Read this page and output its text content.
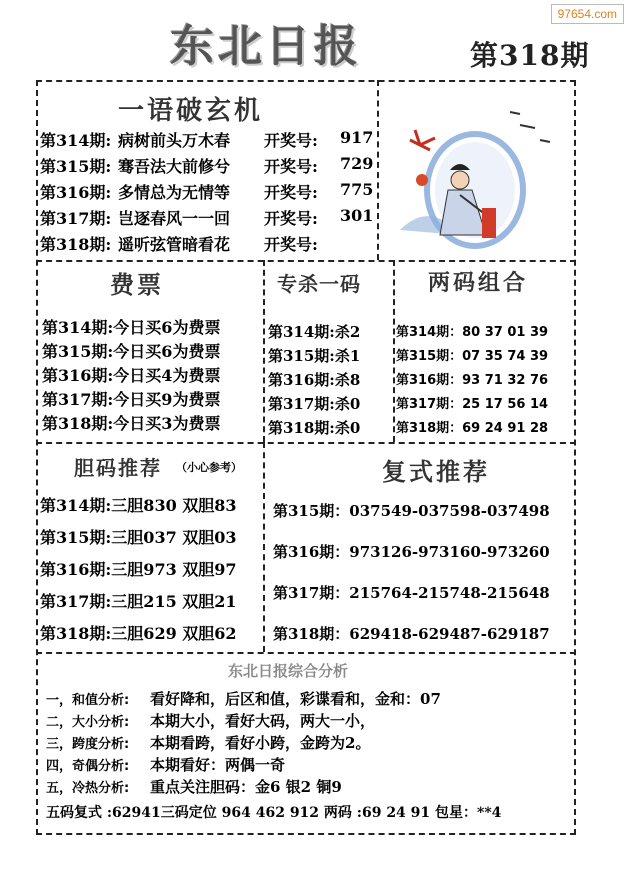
97654.com
东北日报	第318期
一语破玄机
费票	专杀一码	两码组合
胆码推荐 （小心参考）	复式推荐
东北日报综合分析
五码复式 :62941三码定位 964 462 912 两码 :69 24 91 包星：**4
第314期: 病树前头万木春 开奖号: 917
第315期: 骞吾法大前修兮 开奖号: 729
第316期: 多情总为无情等 开奖号: 775
第317期: 岂逐春风一一回 开奖号: 301
第318期: 遥听弦管暗看花 开奖号:
第314期:今日买6为费票
第315期:今日买6为费票
第316期:今日买4为费票
第317期:今日买9为费票
第318期:今日买3为费票
第314期:杀2
第315期:杀1
第316期:杀8
第317期:杀0
第318期:杀0
第314期：80 37 01 39
第315期：07 35 74 39
第316期：93 71 32 76
第317期：25 17 56 14
第318期：69 24 91 28
第314期:三胆830 双胆83
第315期:三胆037 双胆03
第316期:三胆973 双胆97
第317期:三胆215 双胆21
第318期:三胆629 双胆62
第315期：037549-037598-037498
第316期：973126-973160-973260
第317期：215764-215748-215648
第318期：629418-629487-629187
一，和值分析: 看好降和，后区和值，彩谍看和，金和：07
二，大小分析: 本期大小，看好大码，两大一小，
三，跨度分析: 本期看跨，看好小跨，金跨为2。
四，奇偶分析: 本期看好：两偶一奇
五，冷热分析: 重点关注胆码：金6 银2 铜9
